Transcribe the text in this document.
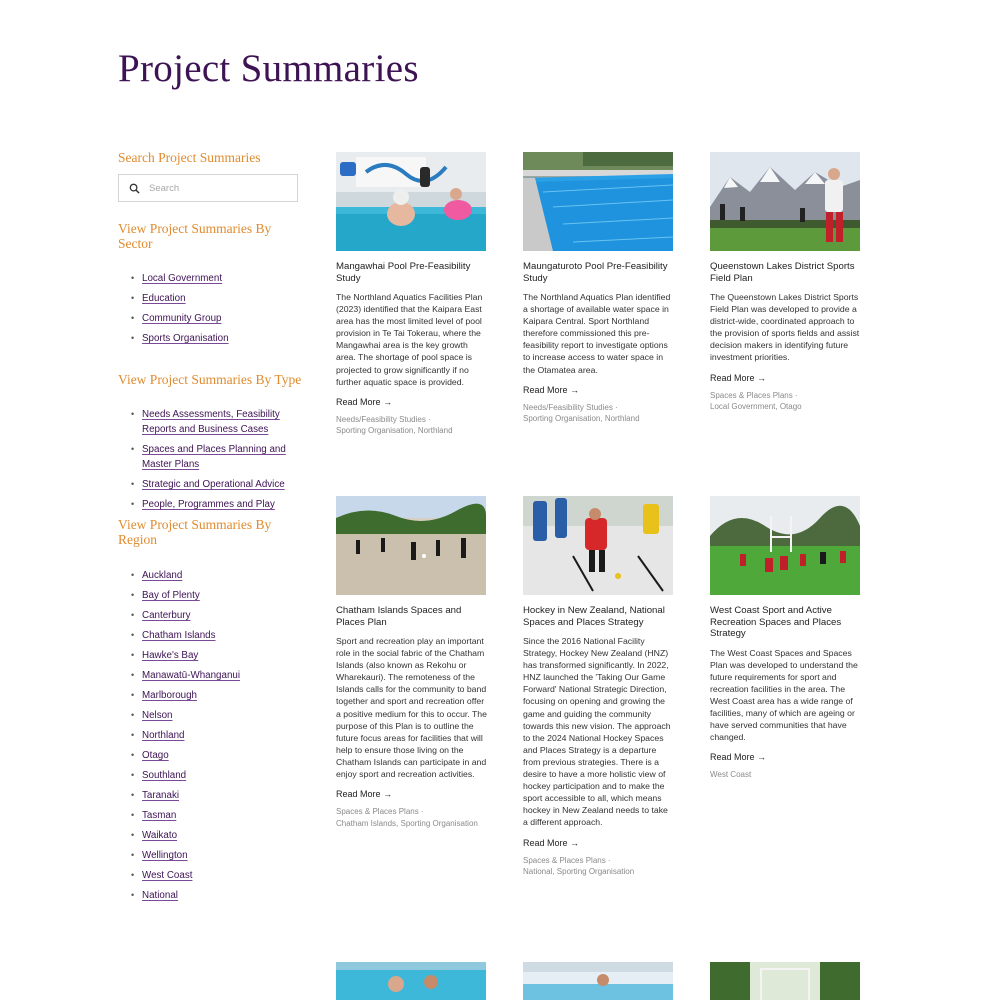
Project Summaries
Search Project Summaries
Search
View Project Summaries By Sector
• Local Government
• Education
• Community Group
• Sports Organisation
View Project Summaries By Type
• Needs Assessments, Feasibility Reports and Business Cases
• Spaces and Places Planning and Master Plans
• Strategic and Operational Advice
• People, Programmes and Play
View Project Summaries By Region
• Auckland
• Bay of Plenty
• Canterbury
• Chatham Islands
• Hawke's Bay
• Manawatū-Whanganui
• Marlborough
• Nelson
• Northland
• Otago
• Southland
• Taranaki
• Tasman
• Waikato
• Wellington
• West Coast
• National
Mangawhai Pool Pre-Feasibility Study
The Northland Aquatics Facilities Plan (2023) identified that the Kaipara East area has the most limited level of pool provision in Te Tai Tokerau, where the Mangawhai area is the key growth area. The shortage of pool space is projected to grow significantly if no further aquatic space is provided.
Read More →
Needs/Feasibility Studies ·
Sporting Organisation, Northland
Maungaturoto Pool Pre-Feasibility Study
The Northland Aquatics Plan identified a shortage of available water space in Kaipara Central. Sport Northland therefore commissioned this pre-feasibility report to investigate options to increase access to water space in the Otamatea area.
Read More →
Needs/Feasibility Studies ·
Sporting Organisation, Northland
Queenstown Lakes District Sports Field Plan
The Queenstown Lakes District Sports Field Plan was developed to provide a district-wide, coordinated approach to the provision of sports fields and assist decision makers in identifying future investment priorities.
Read More →
Spaces & Places Plans ·
Local Government, Otago
Chatham Islands Spaces and Places Plan
Sport and recreation play an important role in the social fabric of the Chatham Islands (also known as Rekohu or Wharekauri). The remoteness of the Islands calls for the community to band together and sport and recreation offer a positive medium for this to occur. The purpose of this Plan is to outline the future focus areas for facilities that will help to ensure those living on the Chatham Islands can participate in and enjoy sport and recreation activities.
Read More →
Spaces & Places Plans ·
Chatham Islands, Sporting Organisation
Hockey in New Zealand, National Spaces and Places Strategy
Since the 2016 National Facility Strategy, Hockey New Zealand (HNZ) has transformed significantly. In 2022, HNZ launched the 'Taking Our Game Forward' National Strategic Direction, focusing on opening and growing the game and guiding the community towards this new vision. The approach to the 2024 National Hockey Spaces and Places Strategy is a departure from previous strategies. There is a desire to have a more holistic view of hockey participation and to make the sport accessible to all, which means hockey in New Zealand needs to take a different approach.
Read More →
Spaces & Places Plans ·
National, Sporting Organisation
West Coast Sport and Active Recreation Spaces and Places Strategy
The West Coast Spaces and Spaces Plan was developed to understand the future requirements for sport and recreation facilities in the area. The West Coast area has a wide range of facilities, many of which are ageing or have served communities that have changed.
Read More →
West Coast
